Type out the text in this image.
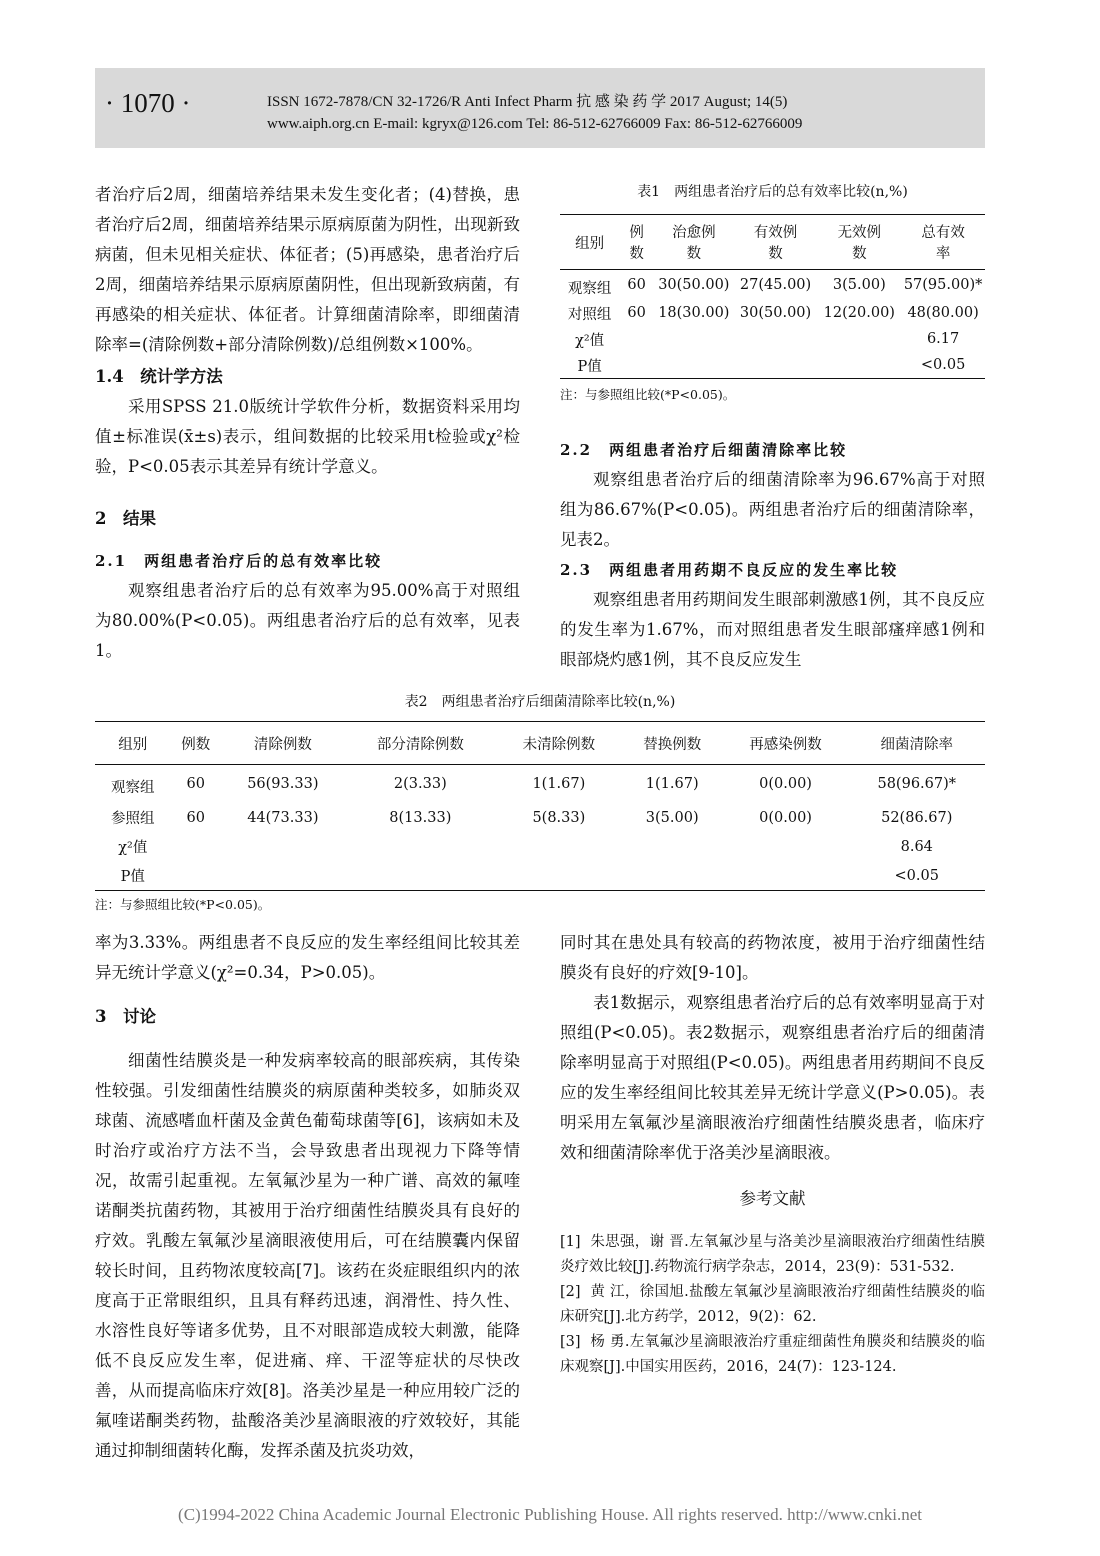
· 1070 ·	ISSN 1672-7878/CN 32-1726/R Anti Infect Pharm 抗 感 染 药 学 2017 August; 14(5)
www.aiph.org.cn E-mail: kgryx@126.com Tel: 86-512-62766009 Fax: 86-512-62766009

者治疗后2周，细菌培养结果未发生变化者；(4)替换，患者治疗后2周，细菌培养结果示原病原菌为阴性，出现新致病菌，但未见相关症状、体征者；(5)再感染，患者治疗后2周，细菌培养结果示原病原菌阴性，但出现新致病菌，有再感染的相关症状、体征者。计算细菌清除率，即细菌清除率=(清除例数+部分清除例数)/总组例数×100%。

1.4　统计学方法

采用SPSS 21.0版统计学软件分析，数据资料采用均值±标准误(x̄±s)表示，组间数据的比较采用t检验或χ²检验，P<0.05表示其差异有统计学意义。

2　结果

2.1　两组患者治疗后的总有效率比较

观察组患者治疗后的总有效率为95.00%高于对照组为80.00%(P<0.05)。两组患者治疗后的总有效率，见表1。

表1　两组患者治疗后的总有效率比较(n,%)
组别	例数	治愈例数	有效例数	无效例数	总有效率
观察组	60	30(50.00)	27(45.00)	3(5.00)	57(95.00)*
对照组	60	18(30.00)	30(50.00)	12(20.00)	48(80.00)
χ²值					6.17
P值					<0.05
注：与参照组比较(*P<0.05)。

2.2　两组患者治疗后细菌清除率比较

观察组患者治疗后的细菌清除率为96.67%高于对照组为86.67%(P<0.05)。两组患者治疗后的细菌清除率，见表2。

2.3　两组患者用药期不良反应的发生率比较

观察组患者用药期间发生眼部刺激感1例，其不良反应的发生率为1.67%，而对照组患者发生眼部瘙痒感1例和眼部烧灼感1例，其不良反应发生

表2　两组患者治疗后细菌清除率比较(n,%)
组别	例数	清除例数	部分清除例数	未清除例数	替换例数	再感染例数	细菌清除率
观察组	60	56(93.33)	2(3.33)	1(1.67)	1(1.67)	0(0.00)	58(96.67)*
参照组	60	44(73.33)	8(13.33)	5(8.33)	3(5.00)	0(0.00)	52(86.67)
χ²值							8.64
P值							<0.05
注：与参照组比较(*P<0.05)。

率为3.33%。两组患者不良反应的发生率经组间比较其差异无统计学意义(χ²=0.34，P>0.05)。

3　讨论

细菌性结膜炎是一种发病率较高的眼部疾病，其传染性较强。引发细菌性结膜炎的病原菌种类较多，如肺炎双球菌、流感嗜血杆菌及金黄色葡萄球菌等[6]，该病如未及时治疗或治疗方法不当，会导致患者出现视力下降等情况，故需引起重视。左氧氟沙星为一种广谱、高效的氟喹诺酮类抗菌药物，其被用于治疗细菌性结膜炎具有良好的疗效。乳酸左氧氟沙星滴眼液使用后，可在结膜囊内保留较长时间，且药物浓度较高[7]。该药在炎症眼组织内的浓度高于正常眼组织，且具有释药迅速，润滑性、持久性、水溶性良好等诸多优势，且不对眼部造成较大刺激，能降低不良反应发生率，促进痛、痒、干涩等症状的尽快改善，从而提高临床疗效[8]。洛美沙星是一种应用较广泛的氟喹诺酮类药物，盐酸洛美沙星滴眼液的疗效较好，其能通过抑制细菌转化酶，发挥杀菌及抗炎功效，

同时其在患处具有较高的药物浓度，被用于治疗细菌性结膜炎有良好的疗效[9-10]。

表1数据示，观察组患者治疗后的总有效率明显高于对照组(P<0.05)。表2数据示，观察组患者治疗后的细菌清除率明显高于对照组(P<0.05)。两组患者用药期间不良反应的发生率经组间比较其差异无统计学意义(P>0.05)。表明采用左氧氟沙星滴眼液治疗细菌性结膜炎患者，临床疗效和细菌清除率优于洛美沙星滴眼液。

参考文献

[1] 朱思强，谢 晋.左氧氟沙星与洛美沙星滴眼液治疗细菌性结膜炎疗效比较[J].药物流行病学杂志，2014，23(9)：531-532.

[2] 黄 江，徐国旭.盐酸左氧氟沙星滴眼液治疗细菌性结膜炎的临床研究[J].北方药学，2012，9(2)：62.

[3] 杨 勇.左氧氟沙星滴眼液治疗重症细菌性角膜炎和结膜炎的临床观察[J].中国实用医药，2016，24(7)：123-124.

(C)1994-2022 China Academic Journal Electronic Publishing House. All rights reserved. http://www.cnki.net
